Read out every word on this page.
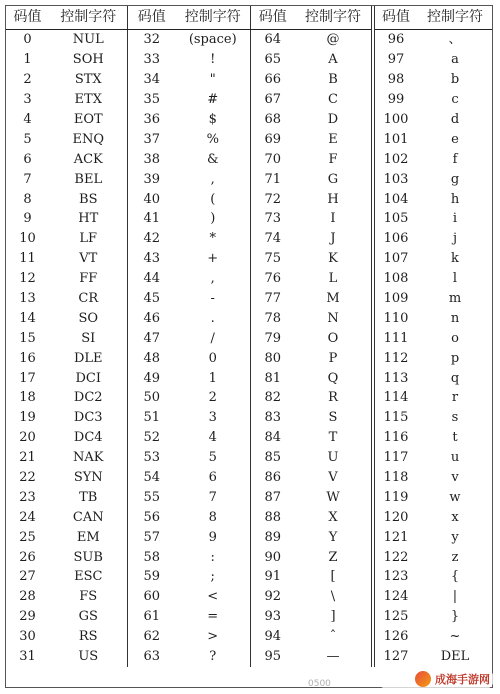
码值	控制字符	码值	控制字符	码值	控制字符	码值	控制字符
0	NUL	32	(space)	64	@	96	、
1	SOH	33	!	65	A	97	a
2	STX	34	"	66	B	98	b
3	ETX	35	#	67	C	99	c
4	EOT	36	$	68	D	100	d
5	ENQ	37	%	69	E	101	e
6	ACK	38	&	70	F	102	f
7	BEL	39	,	71	G	103	g
8	BS	40	(	72	H	104	h
9	HT	41	)	73	I	105	i
10	LF	42	*	74	J	106	j
11	VT	43	+	75	K	107	k
12	FF	44	,	76	L	108	l
13	CR	45	-	77	M	109	m
14	SO	46	.	78	N	110	n
15	SI	47	/	79	O	111	o
16	DLE	48	0	80	P	112	p
17	DCI	49	1	81	Q	113	q
18	DC2	50	2	82	R	114	r
19	DC3	51	3	83	S	115	s
20	DC4	52	4	84	T	116	t
21	NAK	53	5	85	U	117	u
22	SYN	54	6	86	V	118	v
23	TB	55	7	87	W	119	w
24	CAN	56	8	88	X	120	x
25	EM	57	9	89	Y	121	y
26	SUB	58	:	90	Z	122	z
27	ESC	59	;	91	[	123	{
28	FS	60	<	92	\	124	|
29	GS	61	=	93	]	125	}
30	RS	62	>	94	ˆ	126	~
31	US	63	?	95	—	127	DEL
0500	成海手游网
